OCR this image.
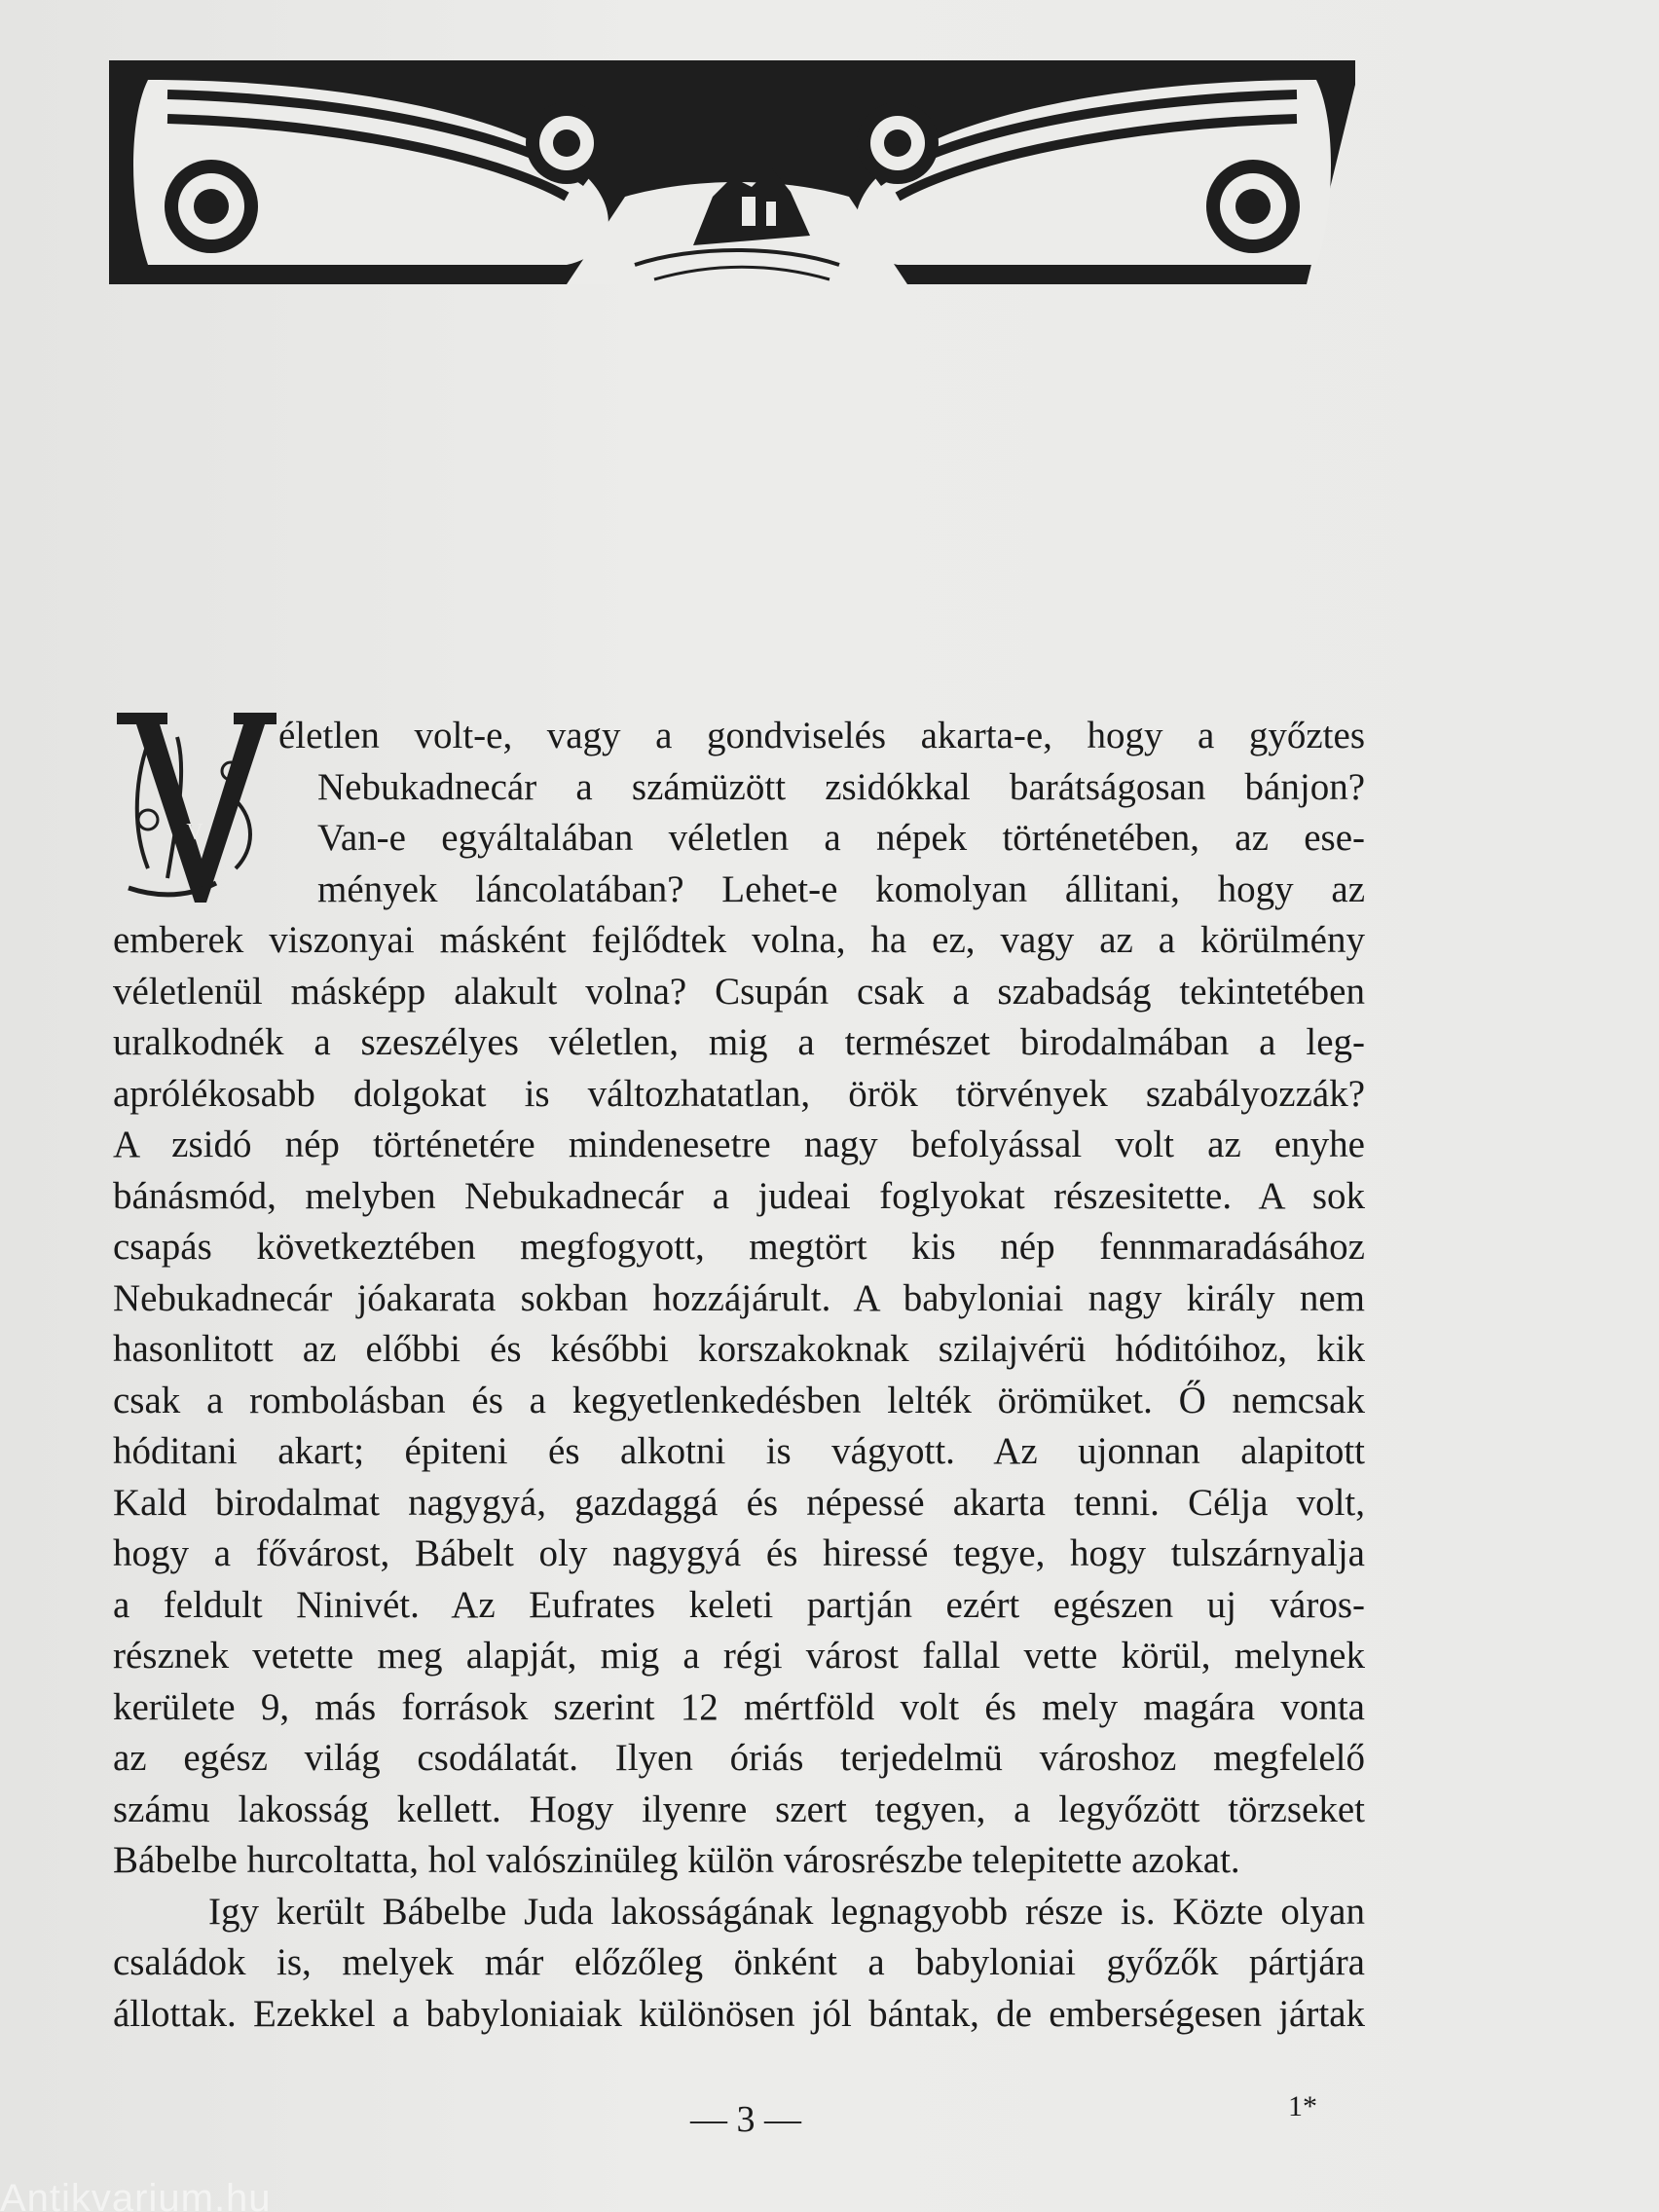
V
életlen volt-e, vagy a gondviselés akarta-e, hogy a győztes
Nebukadnecár a számüzött zsidókkal barátságosan bánjon?
Van-e egyáltalában véletlen a népek történetében, az ese-
mények láncolatában? Lehet-e komolyan állitani, hogy az
emberek viszonyai másként fejlődtek volna, ha ez, vagy az a körülmény
véletlenül másképp alakult volna? Csupán csak a szabadság tekintetében
uralkodnék a szeszélyes véletlen, mig a természet birodalmában a leg-
aprólékosabb dolgokat is változhatatlan, örök törvények szabályozzák?
A zsidó nép történetére mindenesetre nagy befolyással volt az enyhe
bánásmód, melyben Nebukadnecár a judeai foglyokat részesitette. A sok
csapás következtében megfogyott, megtört kis nép fennmaradásához
Nebukadnecár jóakarata sokban hozzájárult. A babyloniai nagy király nem
hasonlitott az előbbi és későbbi korszakoknak szilajvérü hóditóihoz, kik
csak a rombolásban és a kegyetlenkedésben lelték örömüket. Ő nemcsak
hóditani akart; épiteni és alkotni is vágyott. Az ujonnan alapitott
Kald birodalmat nagygyá, gazdaggá és népessé akarta tenni. Célja volt,
hogy a fővárost, Bábelt oly nagygyá és hiressé tegye, hogy tulszárnyalja
a feldult Ninivét. Az Eufrates keleti partján ezért egészen uj város-
résznek vetette meg alapját, mig a régi várost fallal vette körül, melynek
kerülete 9, más források szerint 12 mértföld volt és mely magára vonta
az egész világ csodálatát. Ilyen óriás terjedelmü városhoz megfelelő
számu lakosság kellett. Hogy ilyenre szert tegyen, a legyőzött törzseket
Bábelbe hurcoltatta, hol valószinüleg külön városrészbe telepitette azokat.
Igy került Bábelbe Juda lakosságának legnagyobb része is. Közte olyan
családok is, melyek már előzőleg önként a babyloniai győzők pártjára
állottak. Ezekkel a babyloniaiak különösen jól bántak, de emberségesen jártak
— 3 —	1*
Antikvarium.hu
